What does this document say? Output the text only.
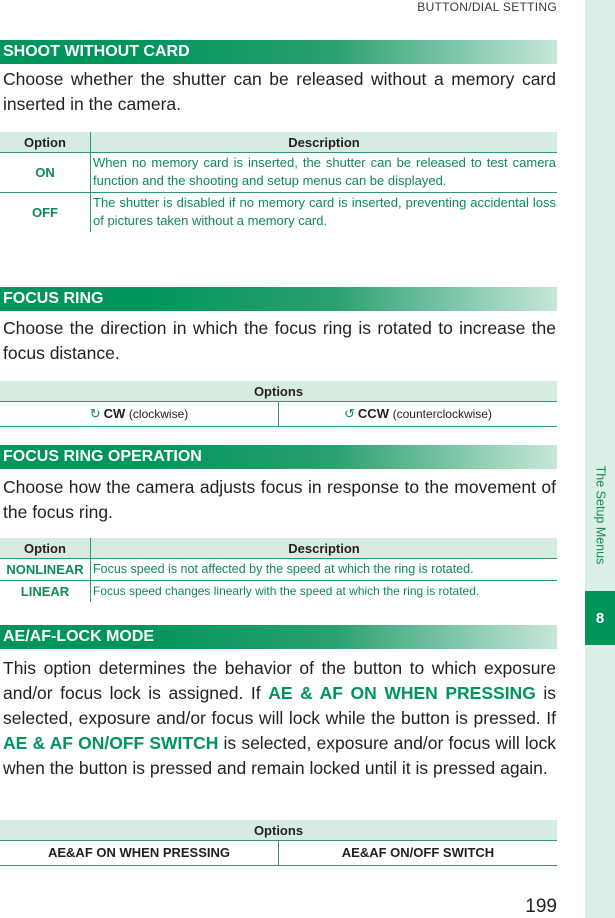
BUTTON/DIAL SETTING
The Setup Menus
8
SHOOT WITHOUT CARD
Choose whether the shutter can be released without a memory card inserted in the camera.
Option	Description
ON	When no memory card is inserted, the shutter can be released to test camera function and the shooting and setup menus can be displayed.
OFF	The shutter is disabled if no memory card is inserted, preventing accidental loss of pictures taken without a memory card.
FOCUS RING
Choose the direction in which the focus ring is rotated to increase the focus distance.
Options
↻ CW (clockwise)	↺ CCW (counterclockwise)
FOCUS RING OPERATION
Choose how the camera adjusts focus in response to the movement of the focus ring.
Option	Description
NONLINEAR	Focus speed is not affected by the speed at which the ring is rotated.
LINEAR	Focus speed changes linearly with the speed at which the ring is rotated.
AE/AF-LOCK MODE
This option determines the behavior of the button to which exposure and/or focus lock is assigned. If AE & AF ON WHEN PRESSING is selected, exposure and/or focus will lock while the button is pressed. If AE & AF ON/OFF SWITCH is selected, exposure and/or focus will lock when the button is pressed and remain locked until it is pressed again.
Options
AE&AF ON WHEN PRESSING	AE&AF ON/OFF SWITCH
199
